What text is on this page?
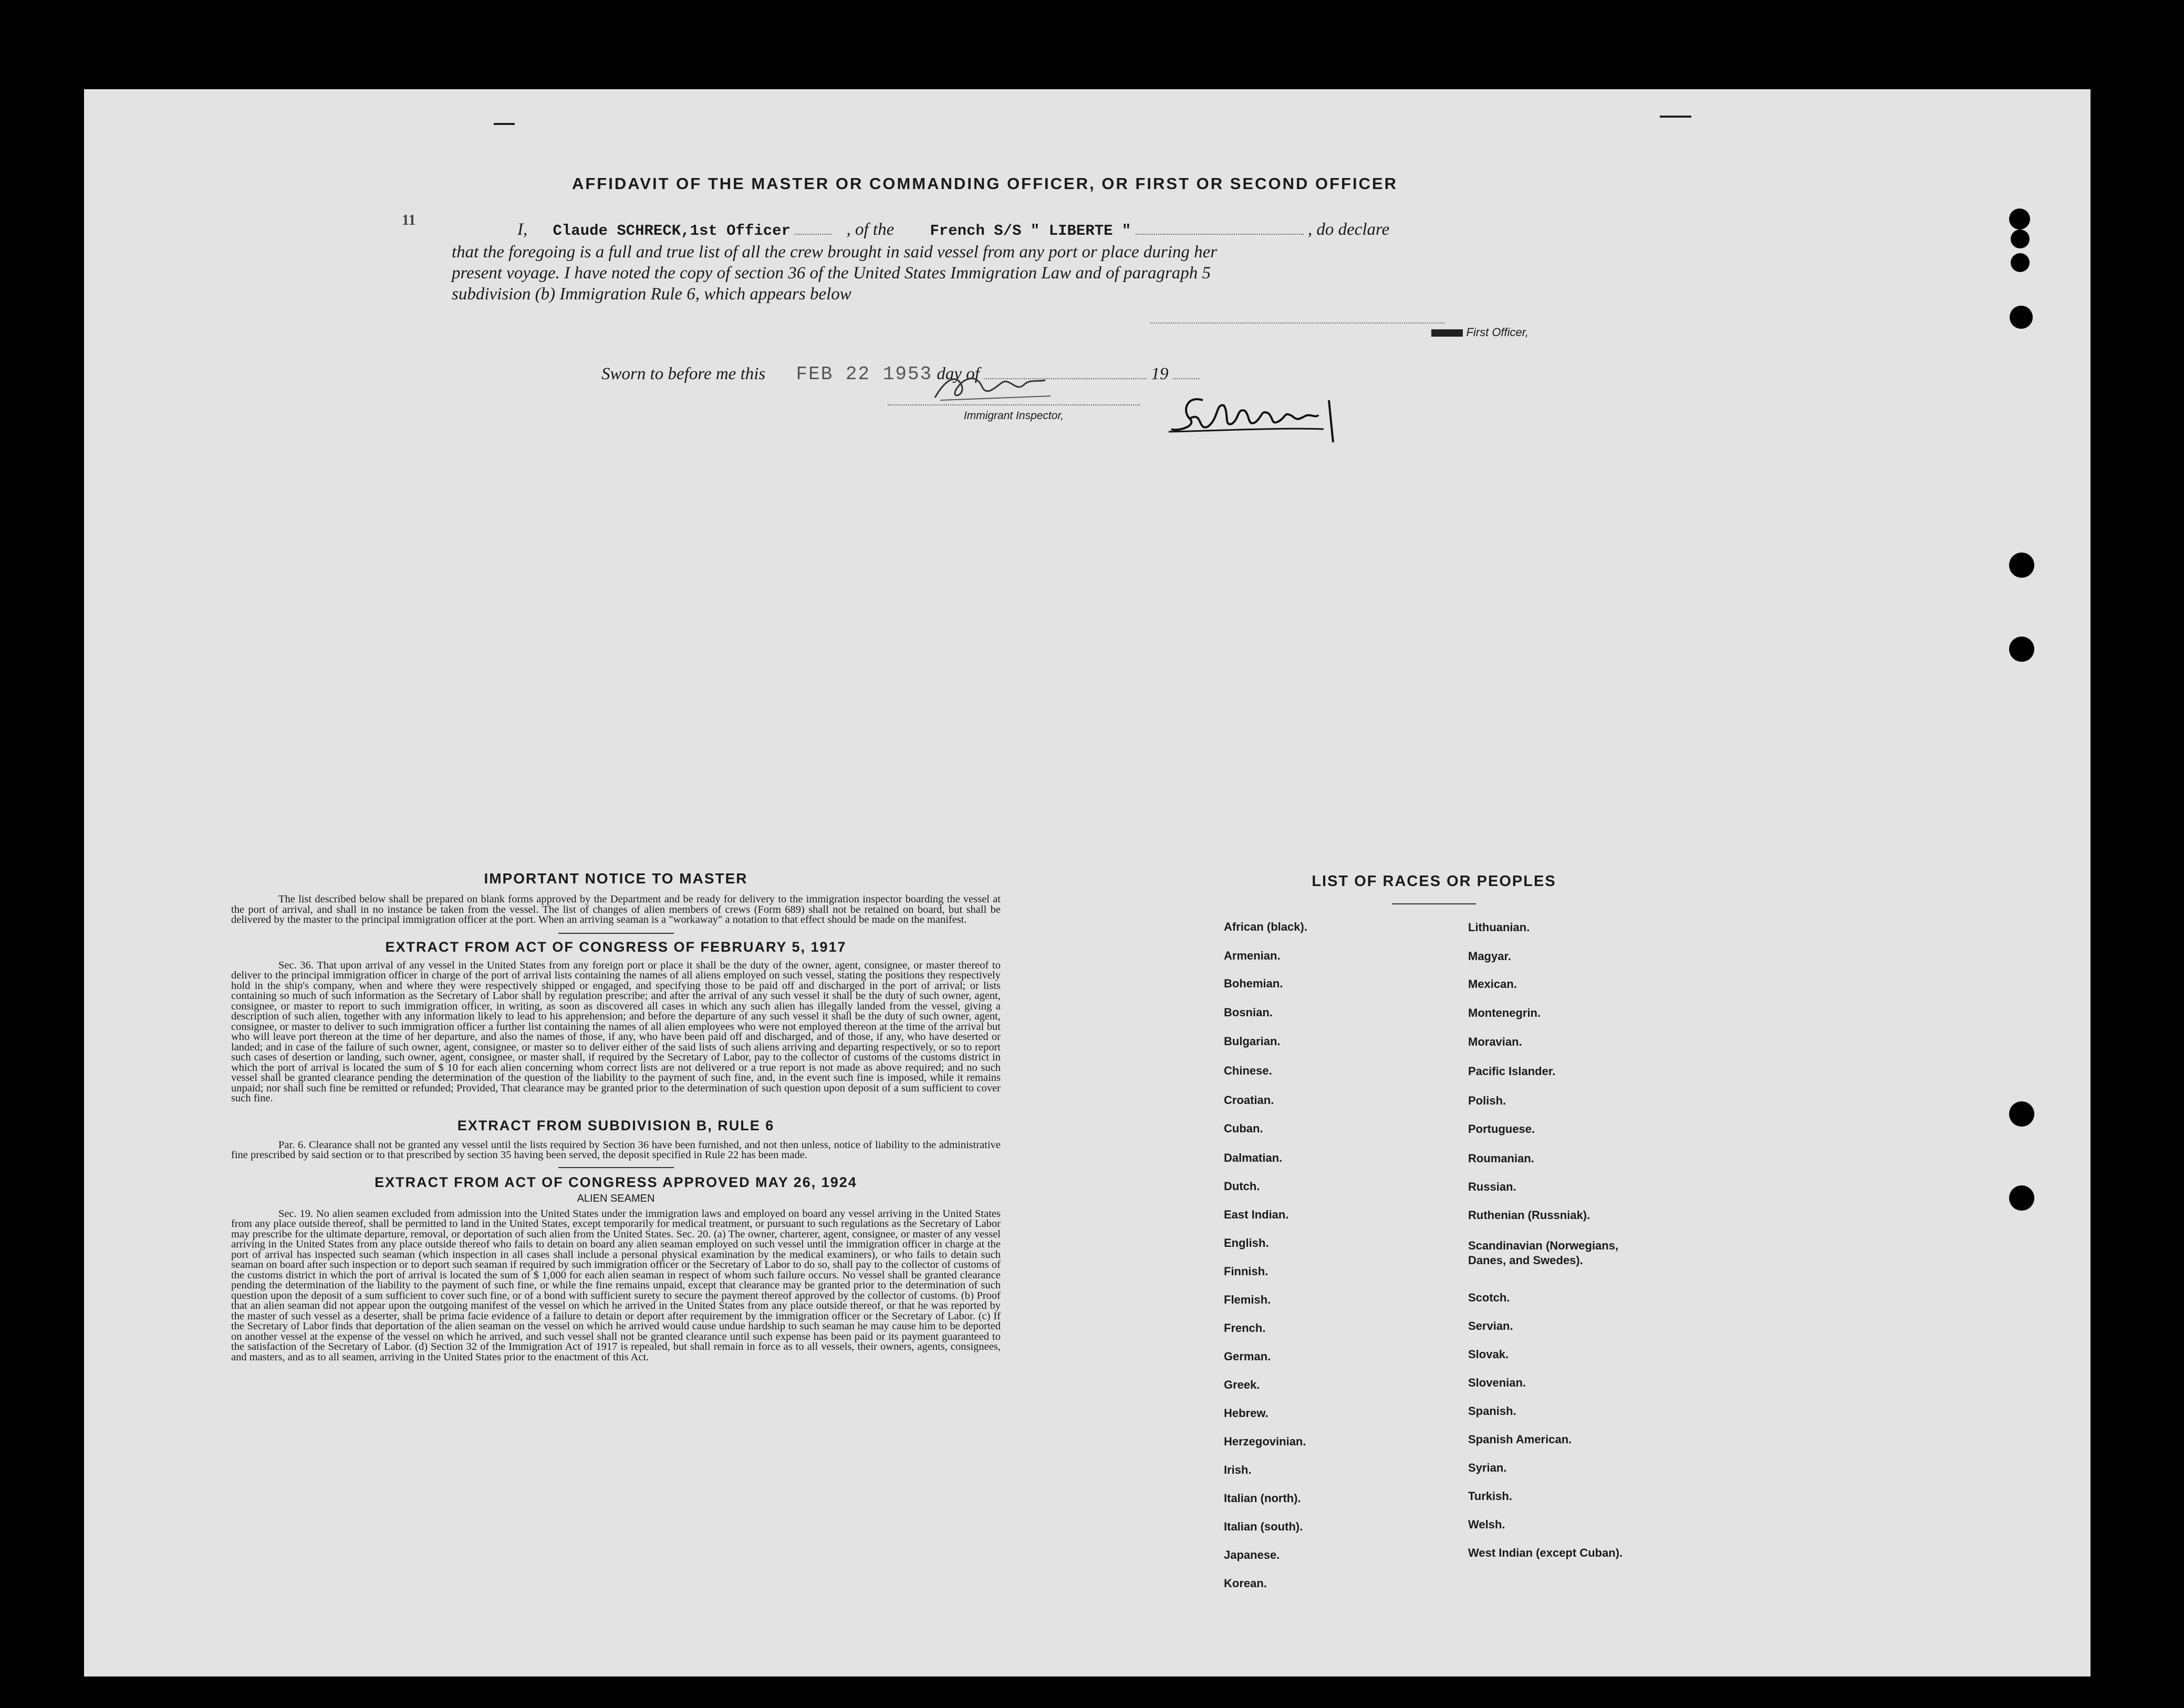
AFFIDAVIT OF THE MASTER OR COMMANDING OFFICER, OR FIRST OR SECOND OFFICER
11	I, Claude SCHRECK,1st Officer	, of the French S/S " LIBERTE "	, do declare
that the foregoing is a full and true list of all the crew brought in said vessel from any port or place during her
present voyage. I have noted the copy of section 36 of the United States Immigration Law and of paragraph 5
subdivision (b) Immigration Rule 6, which appears below
First Officer,
Sworn to before me this FEB 22 1953 day of	19
Immigrant Inspector,
IMPORTANT NOTICE TO MASTER
The list described below shall be prepared on blank forms approved by the Department and be ready for delivery to the immigration inspector boarding the vessel at the port of arrival, and shall in no instance be taken from the vessel. The list of changes of alien members of crews (Form 689) shall not be retained on board, but shall be delivered by the master to the principal immigration officer at the port. When an arriving seaman is a "workaway" a notation to that effect should be made on the manifest.
EXTRACT FROM ACT OF CONGRESS OF FEBRUARY 5, 1917
Sec. 36. That upon arrival of any vessel in the United States from any foreign port or place it shall be the duty of the owner, agent, consignee, or master thereof to deliver to the principal immigration officer in charge of the port of arrival lists containing the names of all aliens employed on such vessel, stating the positions they respectively hold in the ship's company, when and where they were respectively shipped or engaged, and specifying those to be paid off and discharged in the port of arrival; or lists containing so much of such information as the Secretary of Labor shall by regulation prescribe; and after the arrival of any such vessel it shall be the duty of such owner, agent, consignee, or master to report to such immigration officer, in writing, as soon as discovered all cases in which any such alien has illegally landed from the vessel, giving a description of such alien, together with any information likely to lead to his apprehension; and before the departure of any such vessel it shall be the duty of such owner, agent, consignee, or master to deliver to such immigration officer a further list containing the names of all alien employees who were not employed thereon at the time of the arrival but who will leave port thereon at the time of her departure, and also the names of those, if any, who have been paid off and discharged, and of those, if any, who have deserted or landed; and in case of the failure of such owner, agent, consignee, or master so to deliver either of the said lists of such aliens arriving and departing respectively, or so to report such cases of desertion or landing, such owner, agent, consignee, or master shall, if required by the Secretary of Labor, pay to the collector of customs of the customs district in which the port of arrival is located the sum of $ 10 for each alien concerning whom correct lists are not delivered or a true report is not made as above required; and no such vessel shall be granted clearance pending the determination of the question of the liability to the payment of such fine, and, in the event such fine is imposed, while it remains unpaid; nor shall such fine be remitted or refunded; Provided, That clearance may be granted prior to the determination of such question upon deposit of a sum sufficient to cover such fine.
EXTRACT FROM SUBDIVISION B, RULE 6
Par. 6. Clearance shall not be granted any vessel until the lists required by Section 36 have been furnished, and not then unless, notice of liability to the administrative fine prescribed by said section or to that prescribed by section 35 having been served, the deposit specified in Rule 22 has been made.
EXTRACT FROM ACT OF CONGRESS APPROVED MAY 26, 1924
ALIEN SEAMEN
Sec. 19. No alien seamen excluded from admission into the United States under the immigration laws and employed on board any vessel arriving in the United States from any place outside thereof, shall be permitted to land in the United States, except temporarily for medical treatment, or pursuant to such regulations as the Secretary of Labor may prescribe for the ultimate departure, removal, or deportation of such alien from the United States. Sec. 20. (a) The owner, charterer, agent, consignee, or master of any vessel arriving in the United States from any place outside thereof who fails to detain on board any alien seaman employed on such vessel until the immigration officer in charge at the port of arrival has inspected such seaman (which inspection in all cases shall include a personal physical examination by the medical examiners), or who fails to detain such seaman on board after such inspection or to deport such seaman if required by such immigration officer or the Secretary of Labor to do so, shall pay to the collector of customs of the customs district in which the port of arrival is located the sum of $ 1,000 for each alien seaman in respect of whom such failure occurs. No vessel shall be granted clearance pending the determination of the liability to the payment of such fine, or while the fine remains unpaid, except that clearance may be granted prior to the determination of such question upon the deposit of a sum sufficient to cover such fine, or of a bond with sufficient surety to secure the payment thereof approved by the collector of customs. (b) Proof that an alien seaman did not appear upon the outgoing manifest of the vessel on which he arrived in the United States from any place outside thereof, or that he was reported by the master of such vessel as a deserter, shall be prima facie evidence of a failure to detain or deport after requirement by the immigration officer or the Secretary of Labor. (c) If the Secretary of Labor finds that deportation of the alien seaman on the vessel on which he arrived would cause undue hardship to such seaman he may cause him to be deported on another vessel at the expense of the vessel on which he arrived, and such vessel shall not be granted clearance until such expense has been paid or its payment guaranteed to the satisfaction of the Secretary of Labor. (d) Section 32 of the Immigration Act of 1917 is repealed, but shall remain in force as to all vessels, their owners, agents, consignees, and masters, and as to all seamen, arriving in the United States prior to the enactment of this Act.
LIST OF RACES OR PEOPLES
African (black).
Armenian.
Bohemian.
Bosnian.
Bulgarian.
Chinese.
Croatian.
Cuban.
Dalmatian.
Dutch.
East Indian.
English.
Finnish.
Flemish.
French.
German.
Greek.
Hebrew.
Herzegovinian.
Irish.
Italian (north).
Italian (south).
Japanese.
Korean.
Lithuanian.
Magyar.
Mexican.
Montenegrin.
Moravian.
Pacific Islander.
Polish.
Portuguese.
Roumanian.
Russian.
Ruthenian (Russniak).
Scandinavian (Norwegians, Danes, and Swedes).
Scotch.
Servian.
Slovak.
Slovenian.
Spanish.
Spanish American.
Syrian.
Turkish.
Welsh.
West Indian (except Cuban).
